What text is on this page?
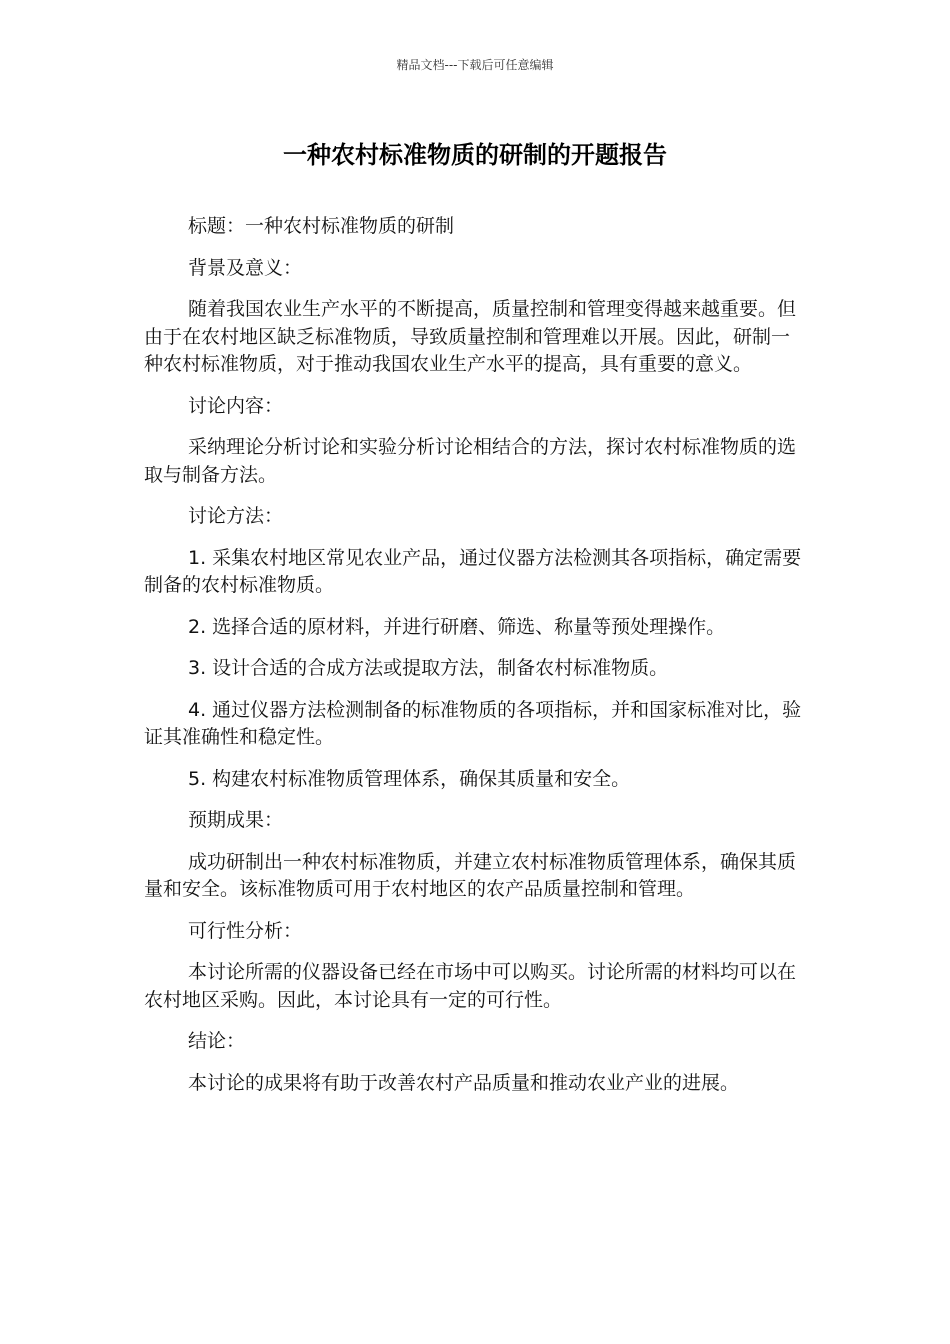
精品文档---下载后可任意编辑
一种农村标准物质的研制的开题报告

标题：一种农村标准物质的研制

背景及意义：

随着我国农业生产水平的不断提高，质量控制和管理变得越来越重要。但由于在农村地区缺乏标准物质，导致质量控制和管理难以开展。因此，研制一种农村标准物质，对于推动我国农业生产水平的提高，具有重要的意义。

讨论内容：

采纳理论分析讨论和实验分析讨论相结合的方法，探讨农村标准物质的选取与制备方法。

讨论方法：

1. 采集农村地区常见农业产品，通过仪器方法检测其各项指标，确定需要制备的农村标准物质。

2. 选择合适的原材料，并进行研磨、筛选、称量等预处理操作。

3. 设计合适的合成方法或提取方法，制备农村标准物质。

4. 通过仪器方法检测制备的标准物质的各项指标，并和国家标准对比，验证其准确性和稳定性。

5. 构建农村标准物质管理体系，确保其质量和安全。

预期成果：

成功研制出一种农村标准物质，并建立农村标准物质管理体系，确保其质量和安全。该标准物质可用于农村地区的农产品质量控制和管理。

可行性分析：

本讨论所需的仪器设备已经在市场中可以购买。讨论所需的材料均可以在农村地区采购。因此，本讨论具有一定的可行性。

结论：

本讨论的成果将有助于改善农村产品质量和推动农业产业的进展。
